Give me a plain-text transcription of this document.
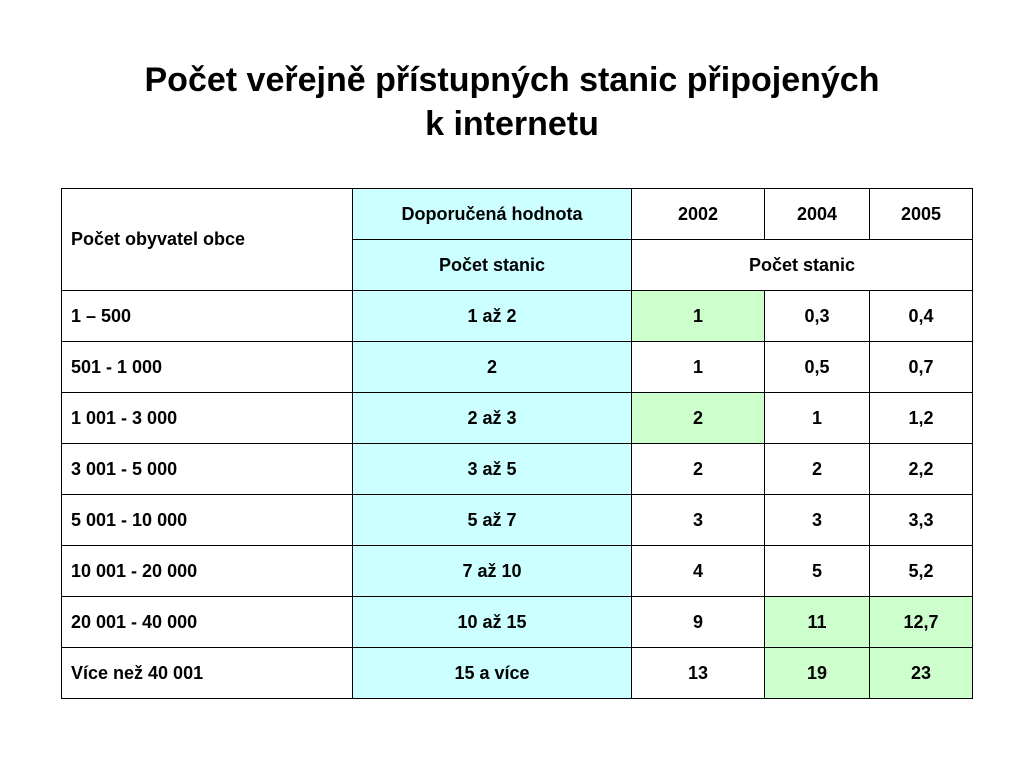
Počet veřejně přístupných stanic připojených
k internetu
Počet obyvatel obce	Doporučená hodnota	2002	2004	2005
	Počet stanic	Počet stanic		
1 – 500	1 až 2	1	0,3	0,4
501 - 1 000	2	1	0,5	0,7
1 001 - 3 000	2 až 3	2	1	1,2
3 001 - 5 000	3 až 5	2	2	2,2
5 001 - 10 000	5 až 7	3	3	3,3
10 001 - 20 000	7 až 10	4	5	5,2
20 001 - 40 000	10 až 15	9	11	12,7
Více než 40 001	15 a více	13	19	23
